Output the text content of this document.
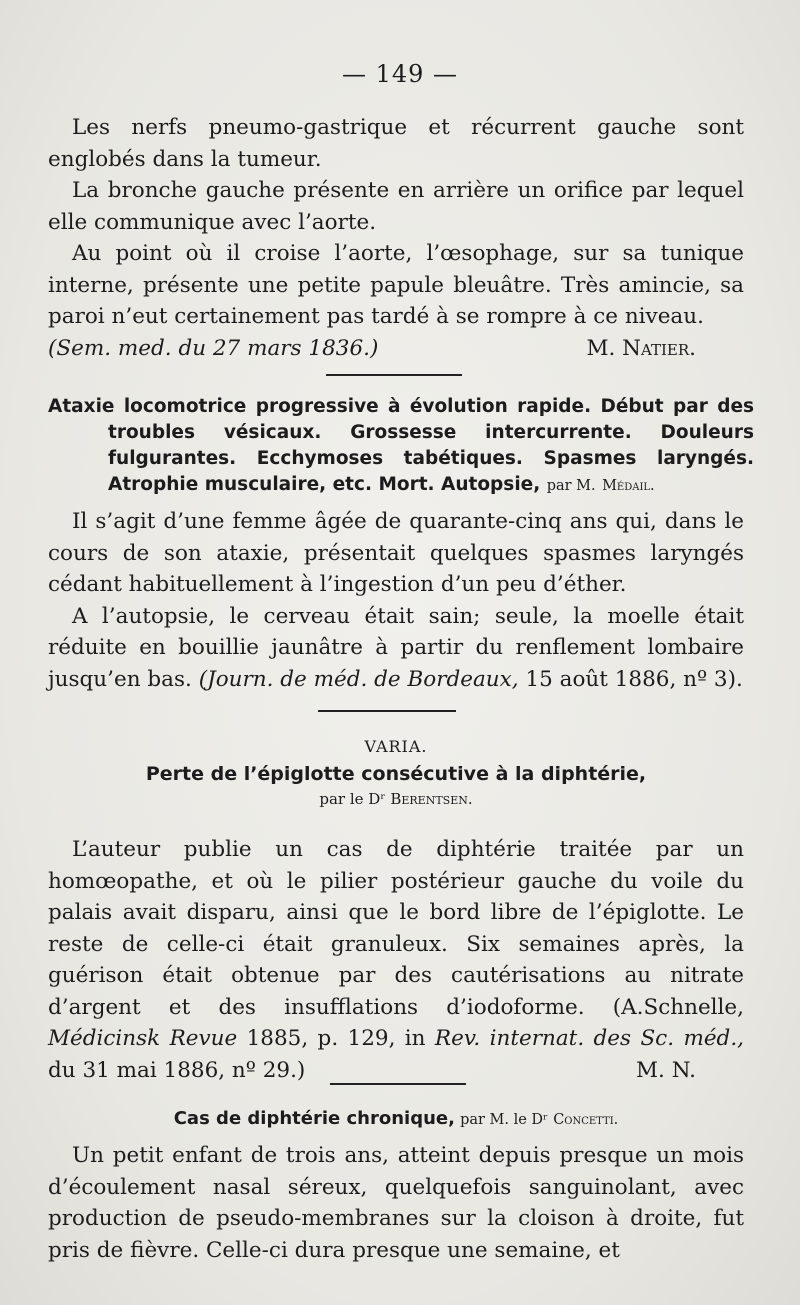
— 149 —

Les nerfs pneumo-gastrique et récurrent gauche sont englobés dans la tumeur.

La bronche gauche présente en arrière un orifice par lequel elle communique avec l’aorte.

Au point où il croise l’aorte, l’œsophage, sur sa tunique interne, présente une petite papule bleuâtre. Très amincie, sa paroi n’eut certainement pas tardé à se rompre à ce niveau.

(Sem. med. du 27 mars 1836.)	M. Natier.
Ataxie locomotrice progressive à évolution rapide. Début par des troubles vésicaux. Grossesse intercurrente. Douleurs fulgurantes. Ecchymoses tabétiques. Spasmes laryngés. Atrophie musculaire, etc. Mort. Autopsie, par M. Médail.

Il s’agit d’une femme âgée de quarante-cinq ans qui, dans le cours de son ataxie, présentait quelques spasmes laryngés cédant habituellement à l’ingestion d’un peu d’éther.

A l’autopsie, le cerveau était sain; seule, la moelle était réduite en bouillie jaunâtre à partir du renflement lombaire jusqu’en bas. (Journ. de méd. de Bordeaux, 15 août 1886, nº 3).

VARIA.
Perte de l’épiglotte consécutive à la diphtérie,
par le Dʳ Berentsen.

L’auteur publie un cas de diphtérie traitée par un homœopathe, et où le pilier postérieur gauche du voile du palais avait disparu, ainsi que le bord libre de l’épiglotte. Le reste de celle-ci était granuleux. Six semaines après, la guérison était obtenue par des cautérisations au nitrate d’argent et des insufflations d’iodoforme. (A.Schnelle, Médicinsk Revue 1885, p. 129, in Rev. internat. des Sc. méd., du 31 mai 1886, nº 29.)	M. N.
Cas de diphtérie chronique, par M. le Dʳ Concetti.

Un petit enfant de trois ans, atteint depuis presque un mois d’écoulement nasal séreux, quelquefois sanguinolant, avec production de pseudo-membranes sur la cloison à droite, fut pris de fièvre. Celle-ci dura presque une semaine, et
